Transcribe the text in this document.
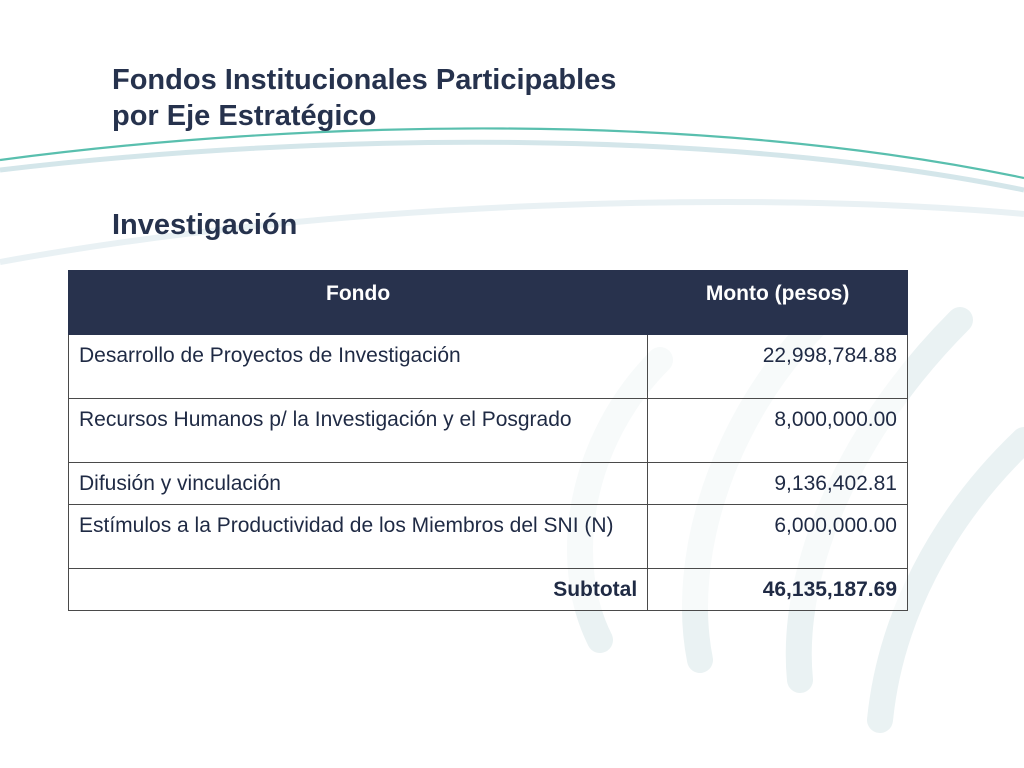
Fondos Institucionales Participables
por Eje Estratégico
Investigación
Fondo	Monto (pesos)
Desarrollo de Proyectos de Investigación	22,998,784.88
Recursos Humanos p/ la Investigación y el Posgrado	8,000,000.00
Difusión y vinculación	9,136,402.81
Estímulos a la Productividad de los Miembros del SNI (N)	6,000,000.00
Subtotal	46,135,187.69
